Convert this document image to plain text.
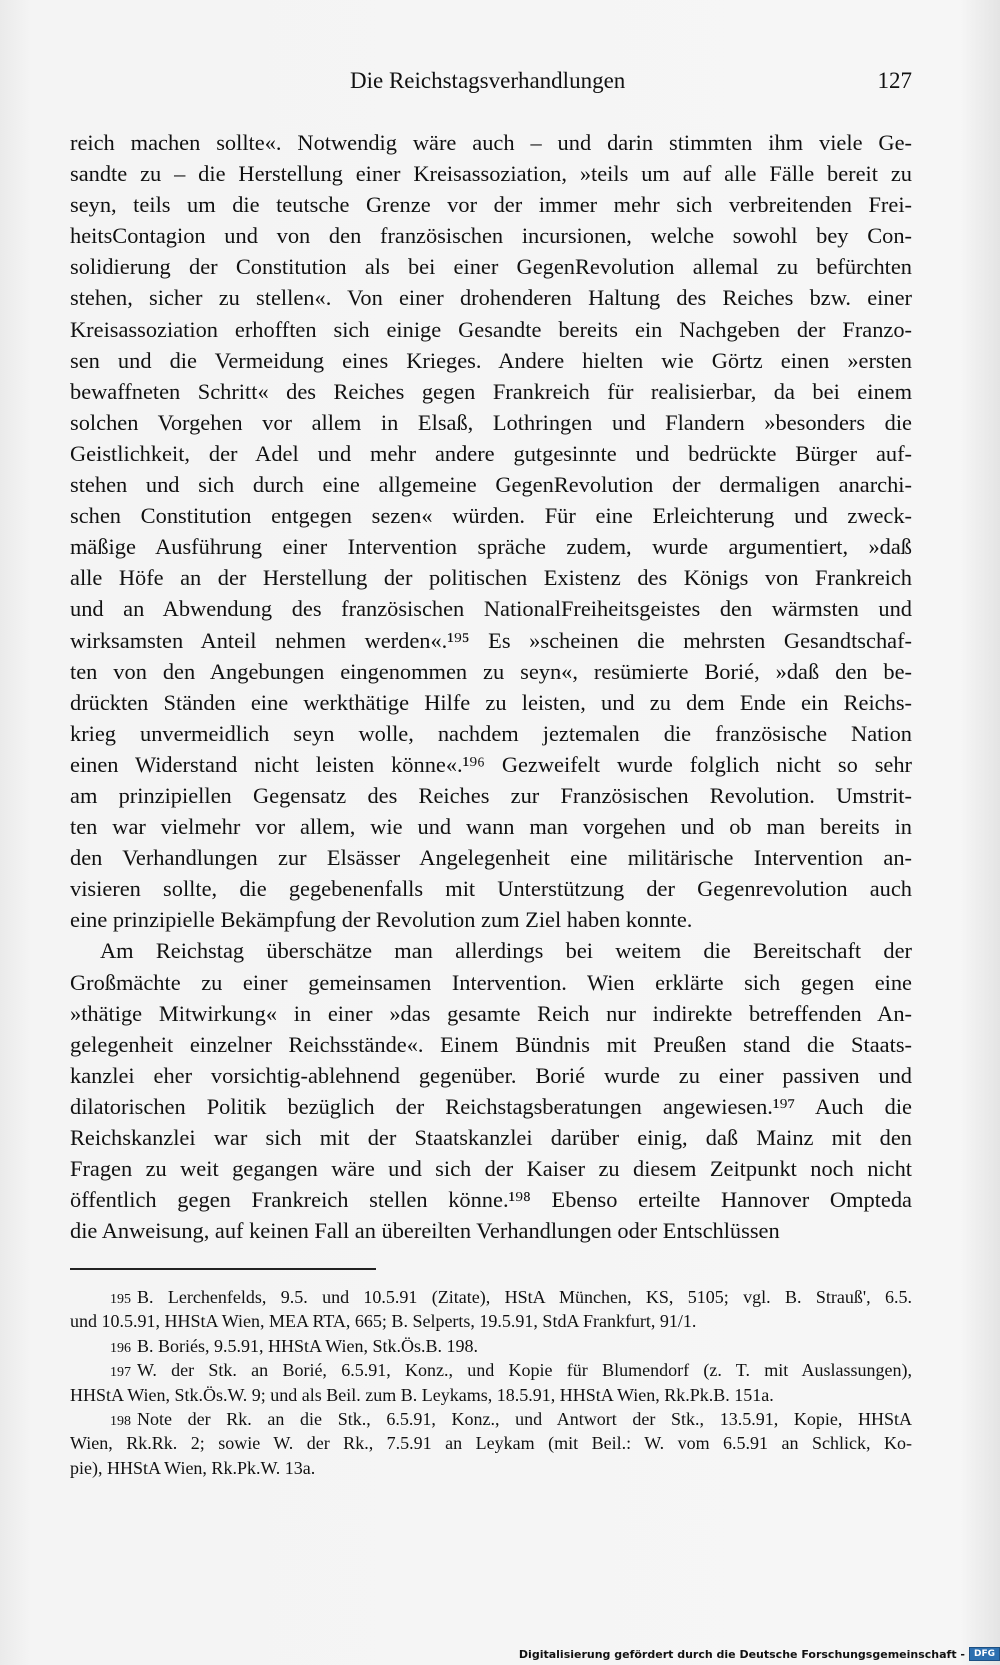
Die Reichstagsverhandlungen	127
reich machen sollte«. Notwendig wäre auch – und darin stimmten ihm viele Ge-
sandte zu – die Herstellung einer Kreisassoziation, »teils um auf alle Fälle bereit zu
seyn, teils um die teutsche Grenze vor der immer mehr sich verbreitenden Frei-
heitsContagion und von den französischen incursionen, welche sowohl bey Con-
solidierung der Constitution als bei einer GegenRevolution allemal zu befürchten
stehen, sicher zu stellen«. Von einer drohenderen Haltung des Reiches bzw. einer
Kreisassoziation erhofften sich einige Gesandte bereits ein Nachgeben der Franzo-
sen und die Vermeidung eines Krieges. Andere hielten wie Görtz einen »ersten
bewaffneten Schritt« des Reiches gegen Frankreich für realisierbar, da bei einem
solchen Vorgehen vor allem in Elsaß, Lothringen und Flandern »besonders die
Geistlichkeit, der Adel und mehr andere gutgesinnte und bedrückte Bürger auf-
stehen und sich durch eine allgemeine GegenRevolution der dermaligen anarchi-
schen Constitution entgegen sezen« würden. Für eine Erleichterung und zweck-
mäßige Ausführung einer Intervention spräche zudem, wurde argumentiert, »daß
alle Höfe an der Herstellung der politischen Existenz des Königs von Frankreich
und an Abwendung des französischen NationalFreiheitsgeistes den wärmsten und
wirksamsten Anteil nehmen werden«.¹⁹⁵ Es »scheinen die mehrsten Gesandtschaf-
ten von den Angebungen eingenommen zu seyn«, resümierte Borié, »daß den be-
drückten Ständen eine werkthätige Hilfe zu leisten, und zu dem Ende ein Reichs-
krieg unvermeidlich seyn wolle, nachdem jeztemalen die französische Nation
einen Widerstand nicht leisten könne«.¹⁹⁶ Gezweifelt wurde folglich nicht so sehr
am prinzipiellen Gegensatz des Reiches zur Französischen Revolution. Umstrit-
ten war vielmehr vor allem, wie und wann man vorgehen und ob man bereits in
den Verhandlungen zur Elsässer Angelegenheit eine militärische Intervention an-
visieren sollte, die gegebenenfalls mit Unterstützung der Gegenrevolution auch
eine prinzipielle Bekämpfung der Revolution zum Ziel haben konnte.
Am Reichstag überschätze man allerdings bei weitem die Bereitschaft der
Großmächte zu einer gemeinsamen Intervention. Wien erklärte sich gegen eine
»thätige Mitwirkung« in einer »das gesamte Reich nur indirekte betreffenden An-
gelegenheit einzelner Reichsstände«. Einem Bündnis mit Preußen stand die Staats-
kanzlei eher vorsichtig-ablehnend gegenüber. Borié wurde zu einer passiven und
dilatorischen Politik bezüglich der Reichstagsberatungen angewiesen.¹⁹⁷ Auch die
Reichskanzlei war sich mit der Staatskanzlei darüber einig, daß Mainz mit den
Fragen zu weit gegangen wäre und sich der Kaiser zu diesem Zeitpunkt noch nicht
öffentlich gegen Frankreich stellen könne.¹⁹⁸ Ebenso erteilte Hannover Ompteda
die Anweisung, auf keinen Fall an übereilten Verhandlungen oder Entschlüssen
195 B. Lerchenfelds, 9.5. und 10.5.91 (Zitate), HStA München, KS, 5105; vgl. B. Strauß', 6.5.
und 10.5.91, HHStA Wien, MEA RTA, 665; B. Selperts, 19.5.91, StdA Frankfurt, 91/1.
196 B. Boriés, 9.5.91, HHStA Wien, Stk.Ös.B. 198.
197 W. der Stk. an Borié, 6.5.91, Konz., und Kopie für Blumendorf (z. T. mit Auslassungen),
HHStA Wien, Stk.Ös.W. 9; und als Beil. zum B. Leykams, 18.5.91, HHStA Wien, Rk.Pk.B. 151a.
198 Note der Rk. an die Stk., 6.5.91, Konz., und Antwort der Stk., 13.5.91, Kopie, HHStA
Wien, Rk.Rk. 2; sowie W. der Rk., 7.5.91 an Leykam (mit Beil.: W. vom 6.5.91 an Schlick, Ko-
pie), HHStA Wien, Rk.Pk.W. 13a.
Digitalisierung gefördert durch die Deutsche Forschungsgemeinschaft -	DFG
